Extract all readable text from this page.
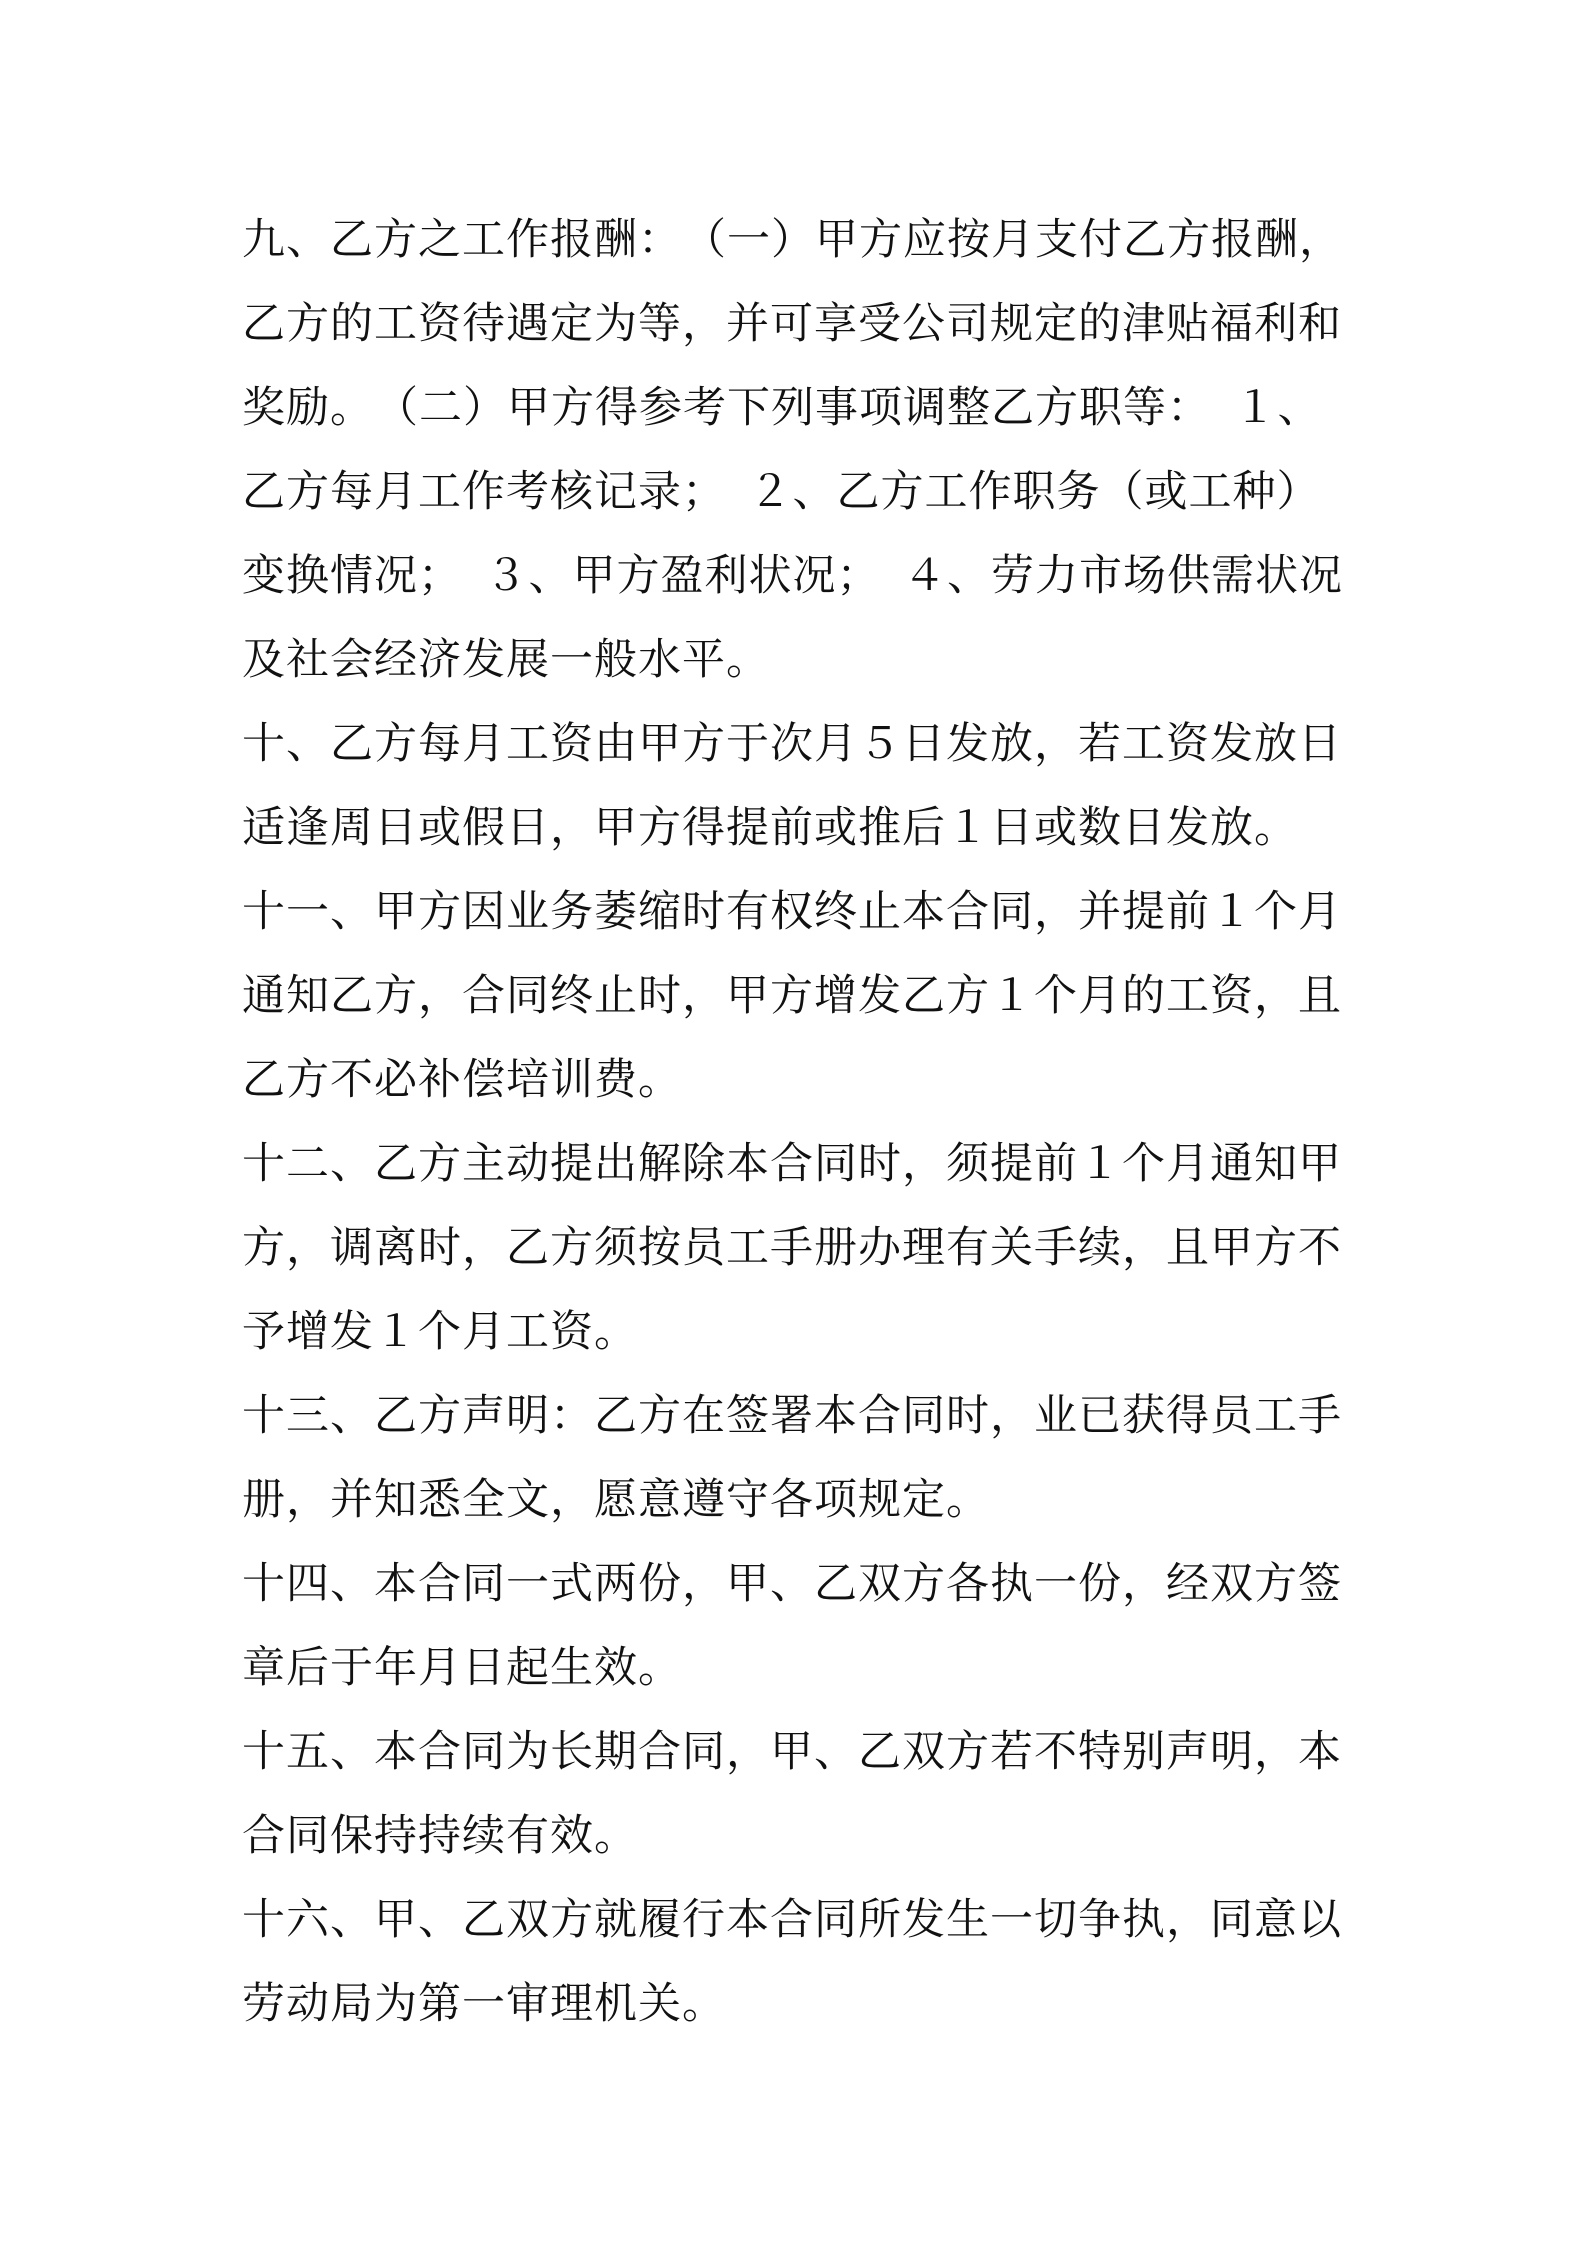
九、乙方之工作报酬：　（一）甲方应按月支付乙方报酬，乙方的工资待遇定为等，并可享受公司规定的津贴福利和奖励。　（二）甲方得参考下列事项调整乙方职等：　１、乙方每月工作考核记录；　２、乙方工作职务（或工种）变换情况；　３、甲方盈利状况；　４、劳力市场供需状况及社会经济发展一般水平。

十、乙方每月工资由甲方于次月５日发放，若工资发放日适逢周日或假日，甲方得提前或推后１日或数日发放。

十一、甲方因业务萎缩时有权终止本合同，并提前１个月通知乙方，合同终止时，甲方增发乙方１个月的工资，且乙方不必补偿培训费。

十二、乙方主动提出解除本合同时，须提前１个月通知甲方，调离时，乙方须按员工手册办理有关手续，且甲方不予增发１个月工资。

十三、乙方声明：乙方在签署本合同时，业已获得员工手册，并知悉全文，愿意遵守各项规定。

十四、本合同一式两份，甲、乙双方各执一份，经双方签章后于年月日起生效。

十五、本合同为长期合同，甲、乙双方若不特别声明，本合同保持持续有效。

十六、甲、乙双方就履行本合同所发生一切争执，同意以劳动局为第一审理机关。
